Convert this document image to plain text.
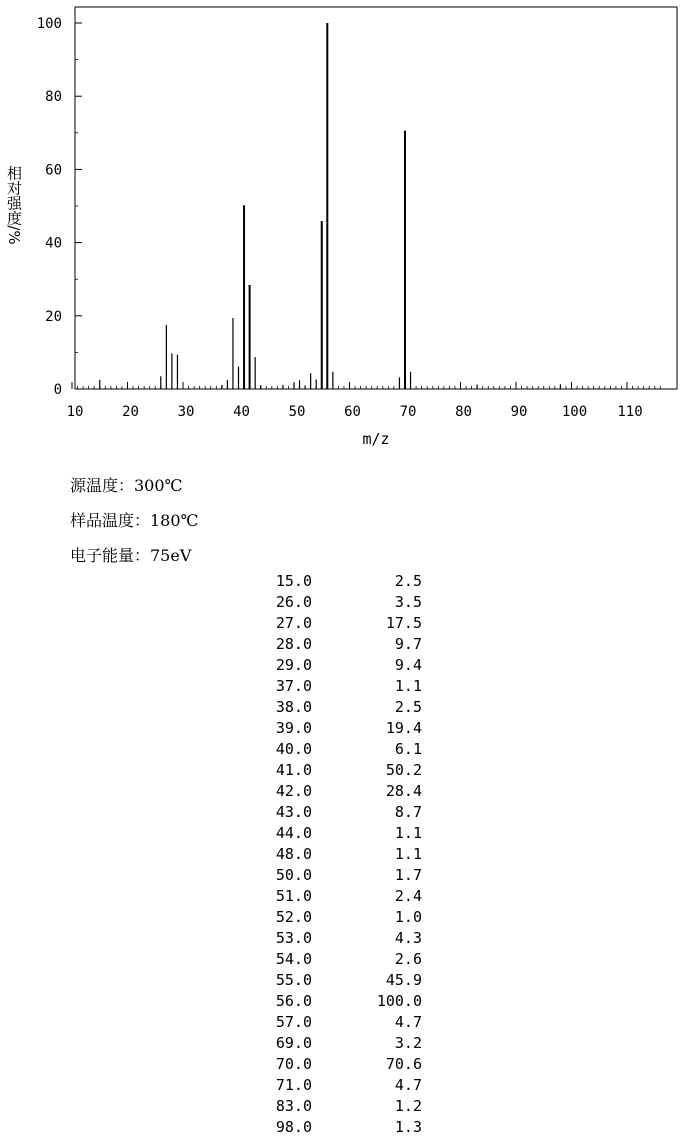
10	20	30	40	50	60	70	80	90 100 110
0
20
40
60
80
100
m/z
相对强度/%
源温度：300℃
样品温度：180℃
电子能量：75eV
15.0	2.5
26.0	3.5
27.0	17.5
28.0	9.7
29.0	9.4
37.0	1.1
38.0	2.5
39.0	19.4
40.0	6.1
41.0	50.2
42.0	28.4
43.0	8.7
44.0	1.1
48.0	1.1
50.0	1.7
51.0	2.4
52.0	1.0
53.0	4.3
54.0	2.6
55.0	45.9
56.0	100.0
57.0	4.7
69.0	3.2
70.0	70.6
71.0	4.7
83.0	1.2
98.0	1.3
